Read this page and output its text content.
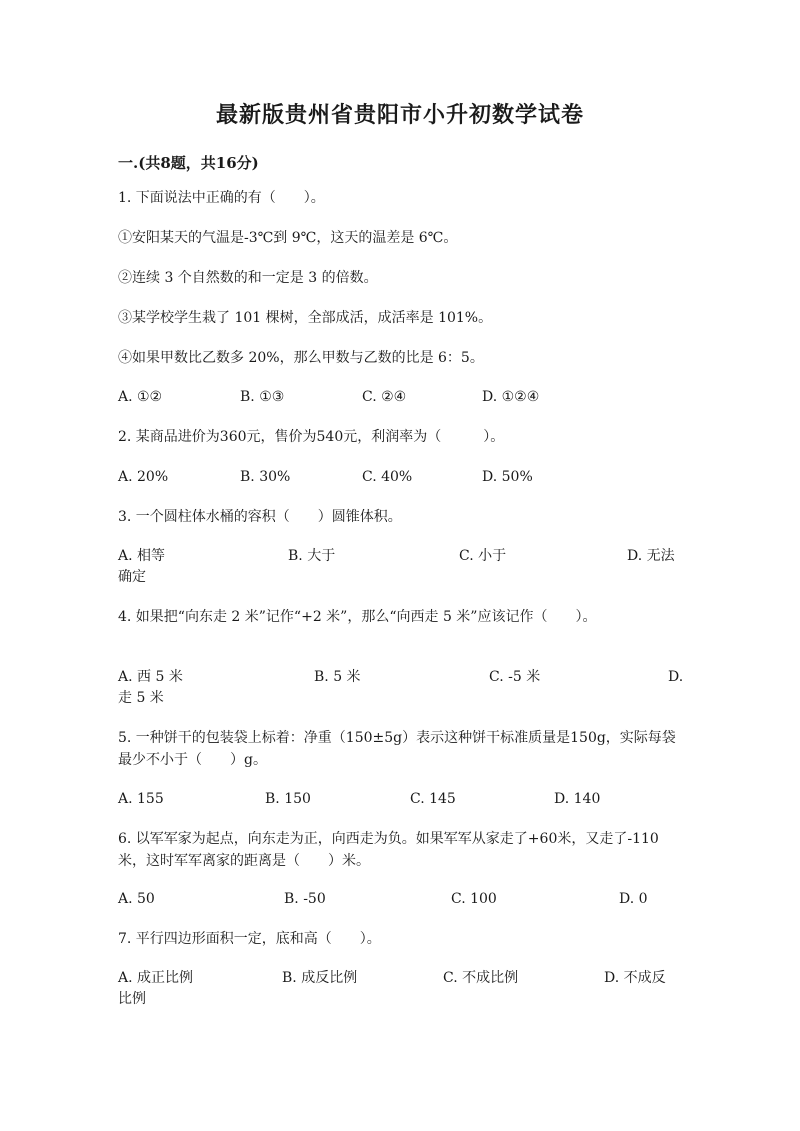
最新版贵州省贵阳市小升初数学试卷
一.(共8题，共16分)
1. 下面说法中正确的有（　　）。
①安阳某天的气温是-3℃到 9℃，这天的温差是 6℃。
②连续 3 个自然数的和一定是 3 的倍数。
③某学校学生栽了 101 棵树，全部成活，成活率是 101%。
④如果甲数比乙数多 20%，那么甲数与乙数的比是 6：5。
A. ①②	B. ①③	C. ②④	D. ①②④
2. 某商品进价为360元，售价为540元，利润率为（　　　）。
A. 20%	B. 30%	C. 40%	D. 50%
3. 一个圆柱体水桶的容积（　　）圆锥体积。
A. 相等	B. 大于	C. 小于	D. 无法
确定
4. 如果把“向东走 2 米”记作“+2 米”，那么“向西走 5 米”应该记作（　　）。
A. 西 5 米	B. 5 米	C. -5 米	D.
走 5 米
5. 一种饼干的包装袋上标着：净重（150±5g）表示这种饼干标准质量是150g，实际每袋最少不小于（　　）g。
A. 155	B. 150	C. 145	D. 140
6. 以军军家为起点，向东走为正，向西走为负。如果军军从家走了+60米，又走了-110米，这时军军离家的距离是（　　）米。
A. 50	B. -50	C. 100	D. 0
7. 平行四边形面积一定，底和高（　　）。
A. 成正比例	B. 成反比例	C. 不成比例	D. 不成反
比例
